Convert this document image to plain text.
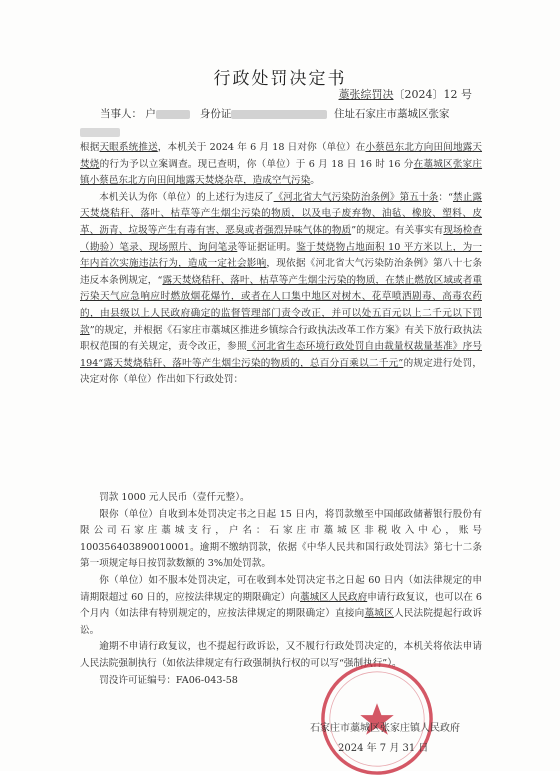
行政处罚决定书
藁张综罚决〔2024〕12 号
当事人： 户	身份证	住址石家庄市藁城区张家
根据天眼系统推送，本机关于 2024 年 6 月 18 日对你（单位）在小蔡邑东北方向田间地露天焚烧的行为予以立案调查。现已查明，你（单位）于 6 月 18 日 16 时 16 分在藁城区张家庄镇小蔡邑东北方向田间地露天焚烧杂草，造成空气污染。
本机关认为你（单位）的上述行为违反了《河北省大气污染防治条例》第五十条：“禁止露天焚烧秸秆、落叶、枯草等产生烟尘污染的物质，以及电子废弃物、油毡、橡胶、塑料、皮革、沥青、垃圾等产生有毒有害、恶臭或者强烈异味气体的物质”的规定。有关事实有现场检查（勘验）笔录、现场照片、询问笔录等证据证明。鉴于焚烧物占地面积 10 平方米以上，为一年内首次实施违法行为，造成一定社会影响，现依据《河北省大气污染防治条例》第八十七条违反本条例规定，“露天焚烧秸秆、落叶、枯草等产生烟尘污染的物质，在禁止燃放区域或者重污染天气应急响应时燃放烟花爆竹，或者在人口集中地区对树木、花草喷洒剧毒、高毒农药的，由县级以上人民政府确定的监督管理部门责令改正，并可以处五百元以上二千元以下罚款”的规定，并根据《石家庄市藁城区推进乡镇综合行政执法改革工作方案》有关下放行政执法职权范围的有关规定，责令改正，参照《河北省生态环境行政处罚自由裁量权裁量基准》序号 194“露天焚烧秸秆、落叶等产生烟尘污染的物质的，总百分百乘以二千元”的规定进行处罚，决定对你（单位）作出如下行政处罚：
罚款 1000 元人民币（壹仟元整）。
限你（单位）自收到本处罚决定书之日起 15 日内，将罚款缴至中国邮政储蓄银行股份有限公司石家庄藁城支行，户名：石家庄市藁城区非税收入中心，账号 100356403890010001。逾期不缴纳罚款，依据《中华人民共和国行政处罚法》第七十二条第一项规定每日按罚款数额的 3%加处罚款。
你（单位）如不服本处罚决定，可在收到本处罚决定书之日起 60 日内（如法律规定的申请期限超过 60 日的，应按法律规定的期限确定）向藁城区人民政府申请行政复议，也可以在 6 个月内（如法律有特别规定的，应按法律规定的期限确定）直接向藁城区人民法院提起行政诉讼。
逾期不申请行政复议，也不提起行政诉讼，又不履行行政处罚决定的，本机关将依法申请人民法院强制执行（如依法律规定有行政强制执行权的可以写“强制执行”）。
罚没许可证编号：FA06-043-58
石家庄市藁城区张家庄镇人民政府
2024 年 7 月 31 日
